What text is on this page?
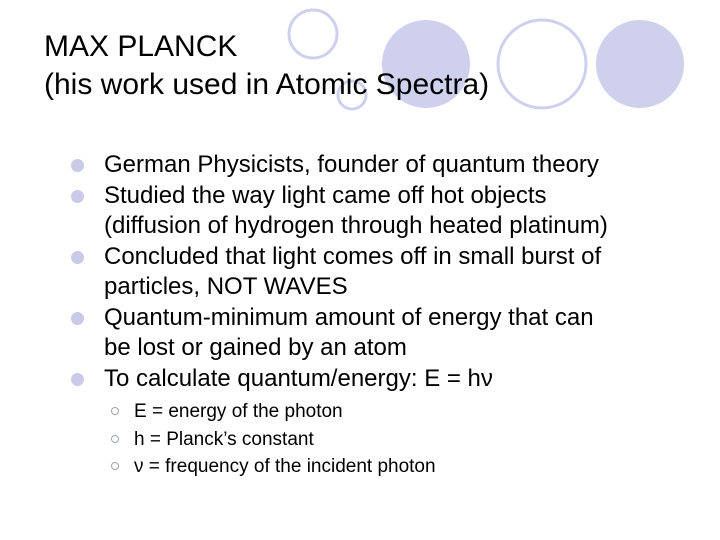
MAX PLANCK
(his work used in Atomic Spectra)
German Physicists, founder of quantum theory
Studied the way light came off hot objects
(diffusion of hydrogen through heated platinum)
Concluded that light comes off in small burst of
particles, NOT WAVES
Quantum-minimum amount of energy that can
be lost or gained by an atom
To calculate quantum/energy: E = hν
E = energy of the photon
h = Planck’s constant
ν = frequency of the incident photon
